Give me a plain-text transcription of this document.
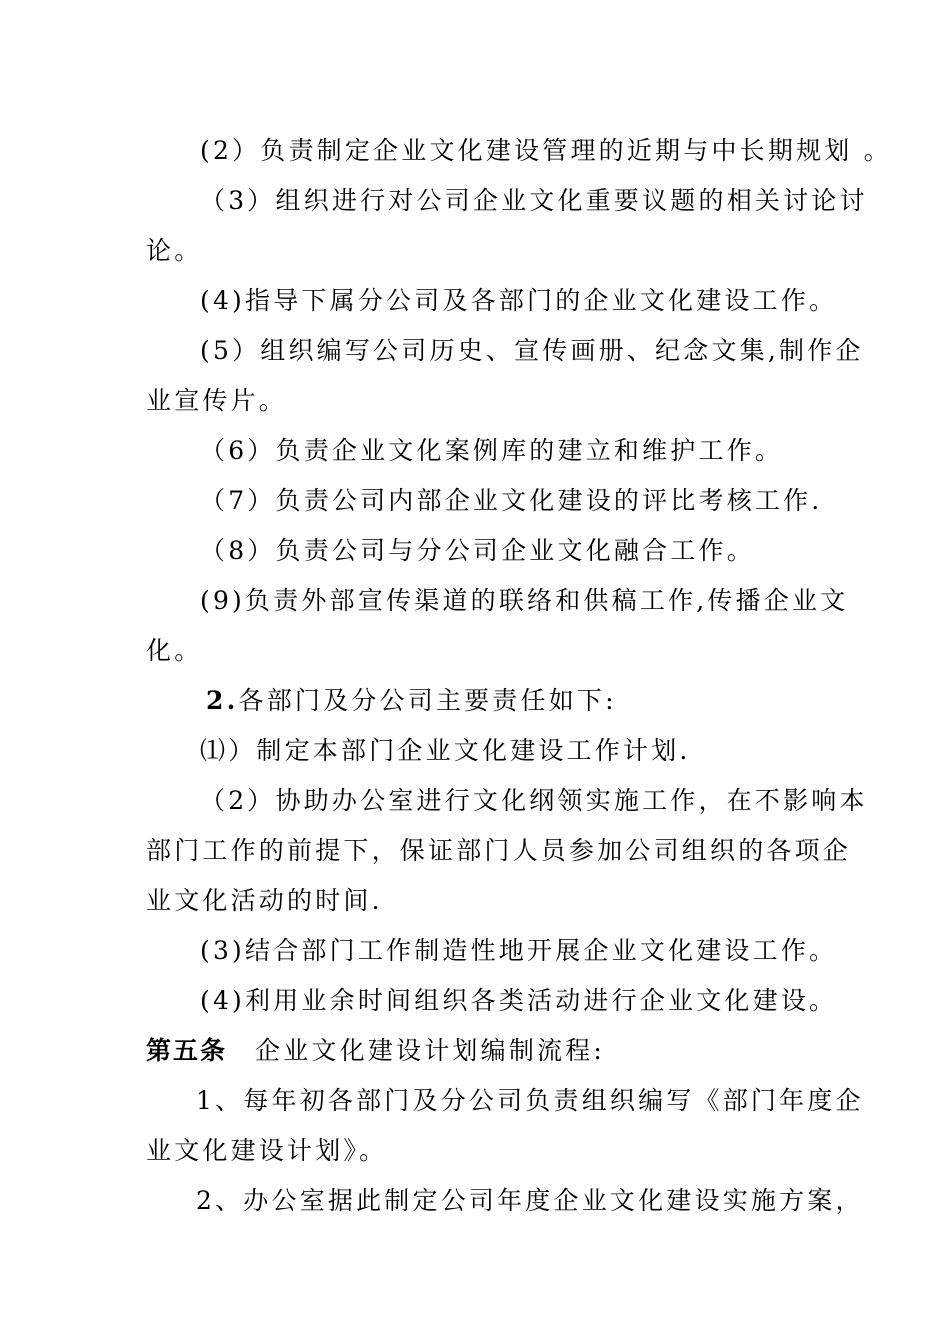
(2）负责制定企业文化建设管理的近期与中长期规划 。
（3）组织进行对公司企业文化重要议题的相关讨论讨
论。
(4)指导下属分公司及各部门的企业文化建设工作。
(5）组织编写公司历史、宣传画册、纪念文集,制作企
业宣传片。
（6）负责企业文化案例库的建立和维护工作。
（7）负责公司内部企业文化建设的评比考核工作.
（8）负责公司与分公司企业文化融合工作。
(9)负责外部宣传渠道的联络和供稿工作,传播企业文
化。
2.各部门及分公司主要责任如下:
⑴）制定本部门企业文化建设工作计划.
（2）协助办公室进行文化纲领实施工作，在不影响本
部门工作的前提下，保证部门人员参加公司组织的各项企
业文化活动的时间.
(3)结合部门工作制造性地开展企业文化建设工作。
(4)利用业余时间组织各类活动进行企业文化建设。
第五条 企业文化建设计划编制流程:
1、每年初各部门及分公司负责组织编写《部门年度企
业文化建设计划》。
2、办公室据此制定公司年度企业文化建设实施方案，
